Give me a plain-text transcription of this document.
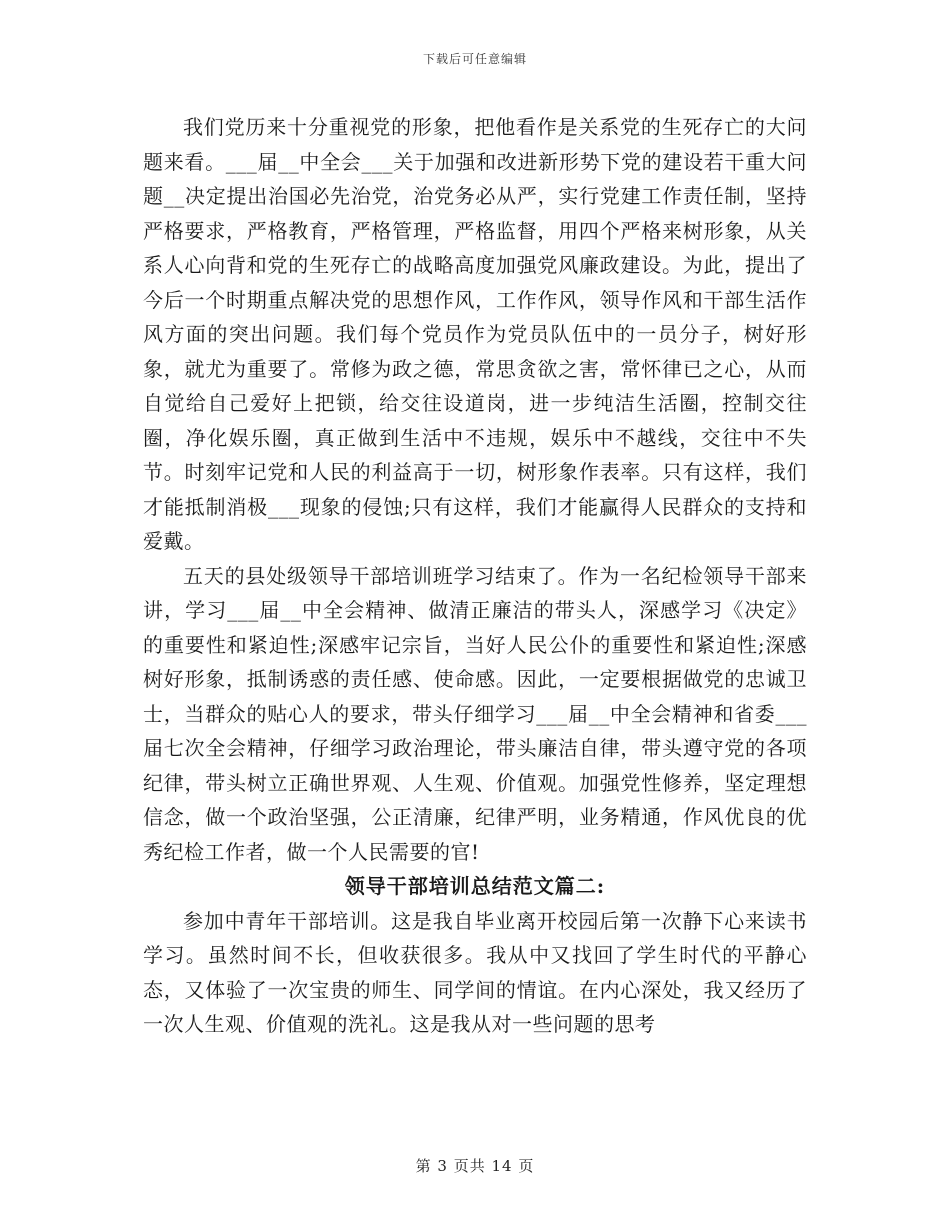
下载后可任意编辑

我们党历来十分重视党的形象，把他看作是关系党的生死存亡的大问题来看。___届__中全会___关于加强和改进新形势下党的建设若干重大问题__决定提出治国必先治党，治党务必从严，实行党建工作责任制，坚持严格要求，严格教育，严格管理，严格监督，用四个严格来树形象，从关系人心向背和党的生死存亡的战略高度加强党风廉政建设。为此，提出了今后一个时期重点解决党的思想作风，工作作风，领导作风和干部生活作风方面的突出问题。我们每个党员作为党员队伍中的一员分子，树好形象，就尤为重要了。常修为政之德，常思贪欲之害，常怀律已之心，从而自觉给自己爱好上把锁，给交往设道岗，进一步纯洁生活圈，控制交往圈，净化娱乐圈，真正做到生活中不违规，娱乐中不越线，交往中不失节。时刻牢记党和人民的利益高于一切，树形象作表率。只有这样，我们才能抵制消极___现象的侵蚀;只有这样，我们才能赢得人民群众的支持和爱戴。

五天的县处级领导干部培训班学习结束了。作为一名纪检领导干部来讲，学习___届__中全会精神、做清正廉洁的带头人，深感学习《决定》的重要性和紧迫性;深感牢记宗旨，当好人民公仆的重要性和紧迫性;深感树好形象，抵制诱惑的责任感、使命感。因此，一定要根据做党的忠诚卫士，当群众的贴心人的要求，带头仔细学习___届__中全会精神和省委___届七次全会精神，仔细学习政治理论，带头廉洁自律，带头遵守党的各项纪律，带头树立正确世界观、人生观、价值观。加强党性修养，坚定理想信念，做一个政治坚强，公正清廉，纪律严明，业务精通，作风优良的优秀纪检工作者，做一个人民需要的官!

领导干部培训总结范文篇二:

参加中青年干部培训。这是我自毕业离开校园后第一次静下心来读书学习。虽然时间不长，但收获很多。我从中又找回了学生时代的平静心态，又体验了一次宝贵的师生、同学间的情谊。在内心深处，我又经历了一次人生观、价值观的洗礼。这是我从对一些问题的思考

第 3 页共 14 页
